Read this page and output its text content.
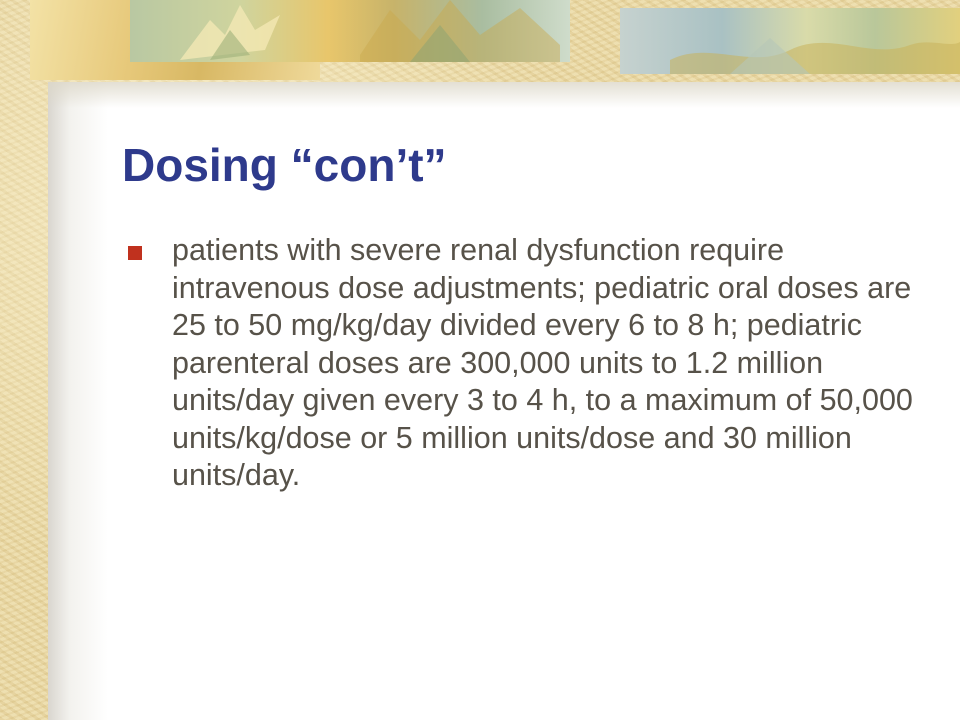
Dosing “con’t”
patients with severe renal dysfunction require intravenous dose adjustments; pediatric oral doses are 25 to 50 mg/kg/day divided every 6 to 8 h; pediatric parenteral doses are 300,000 units to 1.2 million units/day given every 3 to 4 h, to a maximum of 50,000 units/kg/dose or 5 million units/dose and 30 million units/day.
